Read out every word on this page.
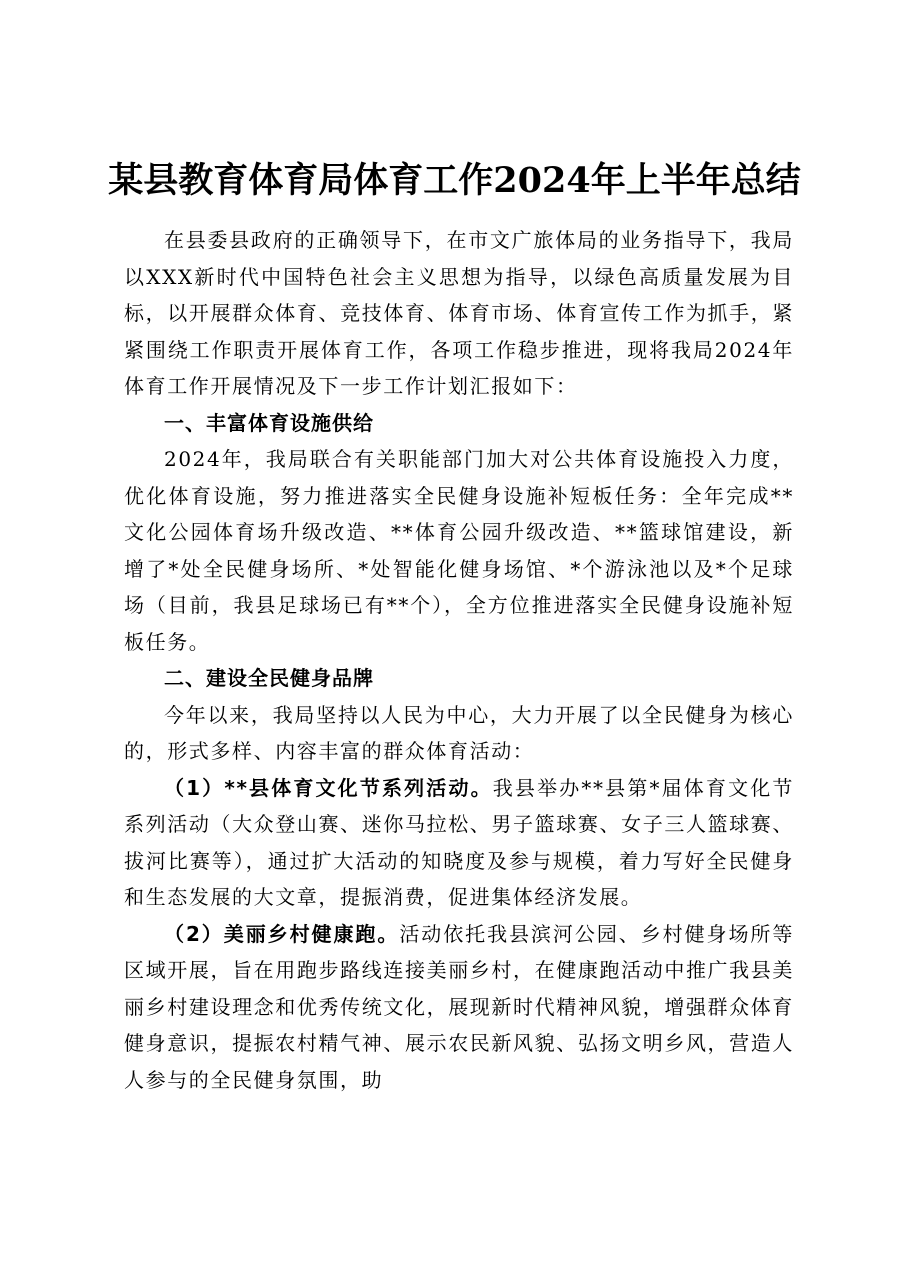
某县教育体育局体育工作2024年上半年总结

在县委县政府的正确领导下，在市文广旅体局的业务指导下，我局以XXX新时代中国特色社会主义思想为指导，以绿色高质量发展为目标，以开展群众体育、竞技体育、体育市场、体育宣传工作为抓手，紧紧围绕工作职责开展体育工作，各项工作稳步推进，现将我局2024年体育工作开展情况及下一步工作计划汇报如下：

一、丰富体育设施供给

2024年，我局联合有关职能部门加大对公共体育设施投入力度，优化体育设施，努力推进落实全民健身设施补短板任务：全年完成**文化公园体育场升级改造、**体育公园升级改造、**篮球馆建设，新增了*处全民健身场所、*处智能化健身场馆、*个游泳池以及*个足球场（目前，我县足球场已有**个），全方位推进落实全民健身设施补短板任务。

二、建设全民健身品牌

今年以来，我局坚持以人民为中心，大力开展了以全民健身为核心的，形式多样、内容丰富的群众体育活动：

（1）**县体育文化节系列活动。我县举办**县第*届体育文化节系列活动（大众登山赛、迷你马拉松、男子篮球赛、女子三人篮球赛、拔河比赛等），通过扩大活动的知晓度及参与规模，着力写好全民健身和生态发展的大文章，提振消费，促进集体经济发展。

（2）美丽乡村健康跑。活动依托我县滨河公园、乡村健身场所等区域开展，旨在用跑步路线连接美丽乡村，在健康跑活动中推广我县美丽乡村建设理念和优秀传统文化，展现新时代精神风貌，增强群众体育健身意识，提振农村精气神、展示农民新风貌、弘扬文明乡风，营造人人参与的全民健身氛围，助
